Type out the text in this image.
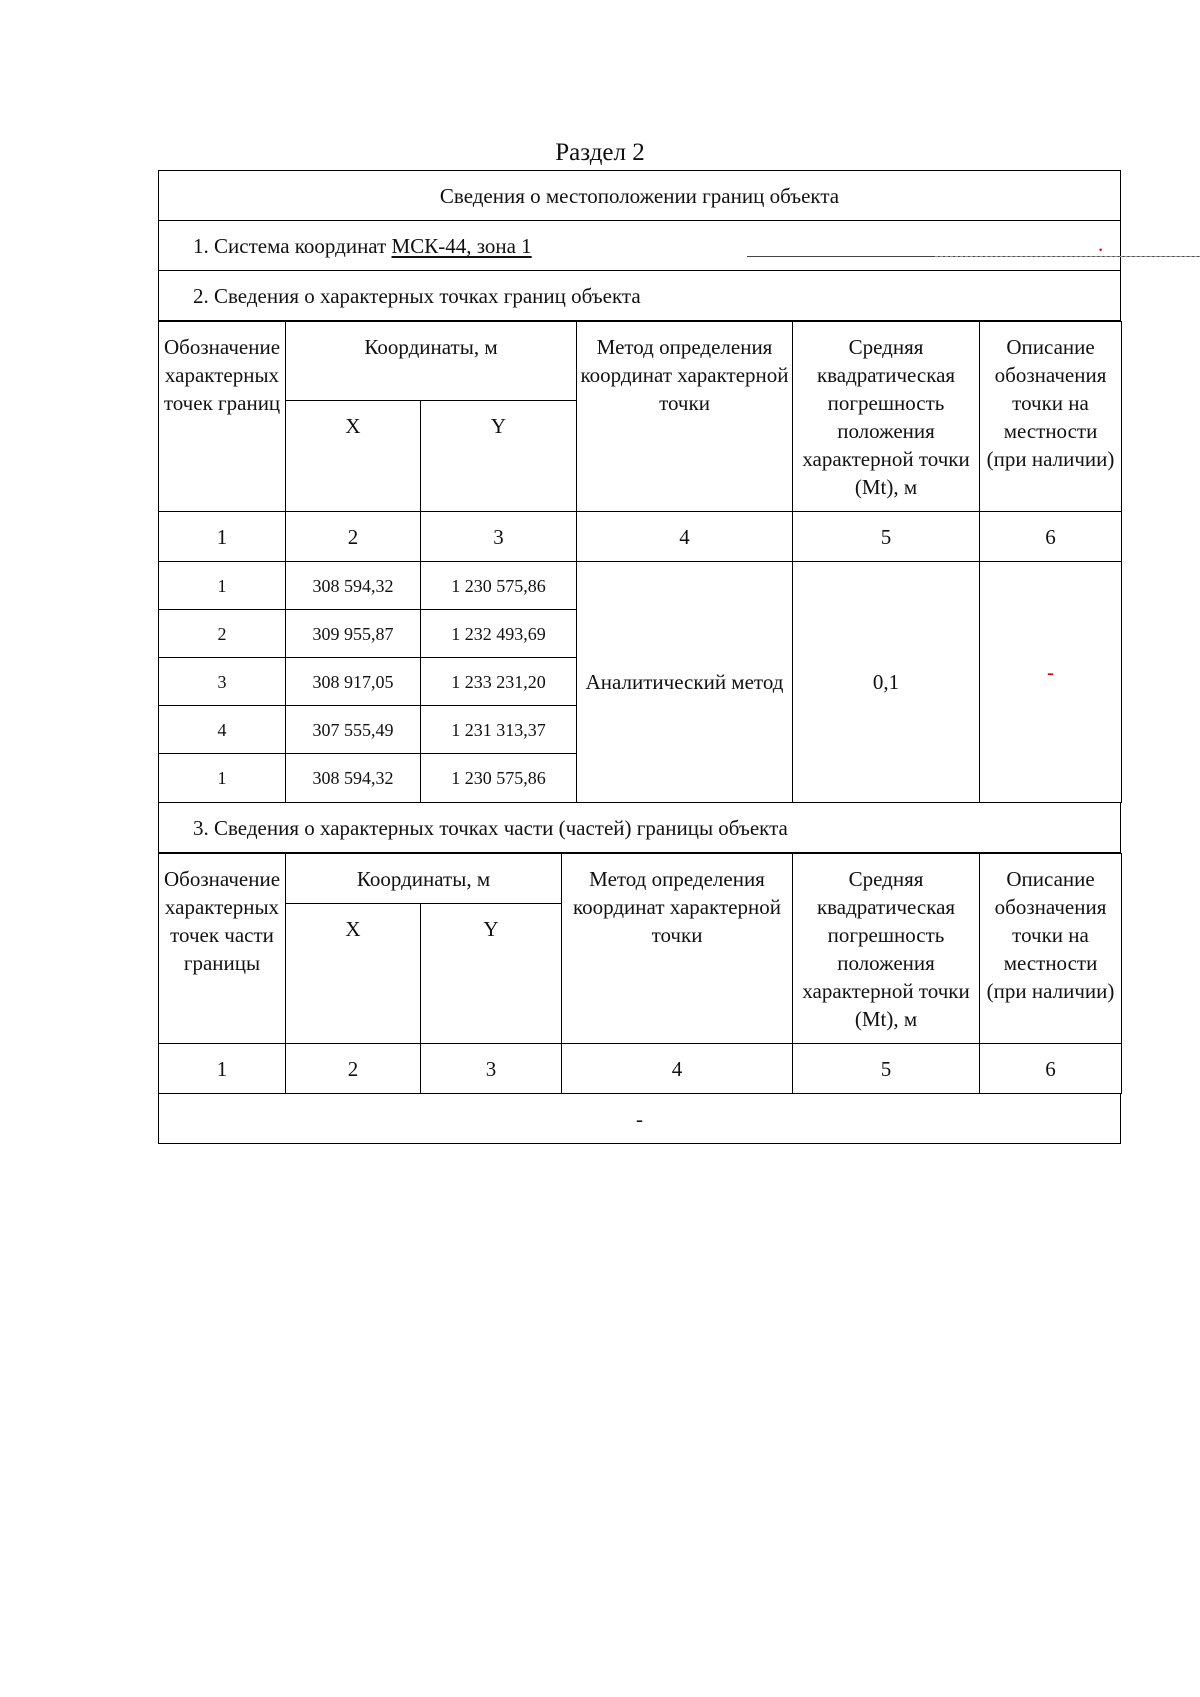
Раздел 2
Сведения о местоположении границ объекта
1. Система координат МСК-44, зона 1	.
2. Сведения о характерных точках границ объекта
Обозначение характерных точек границ	Координаты, м		Метод определения координат характерной точки	Средняя квадратическая погрешность положения характерной точки (Mt), м	Описание обозначения точки на местности (при наличии)
	X	Y			
1	2	3	4	5	6
1	308 594,32	1 230 575,86	Аналитический метод	0,1	-
2	309 955,87	1 232 493,69			
3	308 917,05	1 233 231,20			
4	307 555,49	1 231 313,37			
1	308 594,32	1 230 575,86			
3. Сведения о характерных точках части (частей) границы объекта
Обозначение характерных точек части границы	Координаты, м		Метод определения координат характерной точки	Средняя квадратическая погрешность положения характерной точки (Mt), м	Описание обозначения точки на местности (при наличии)
	X	Y			
1	2	3	4	5	6
-
